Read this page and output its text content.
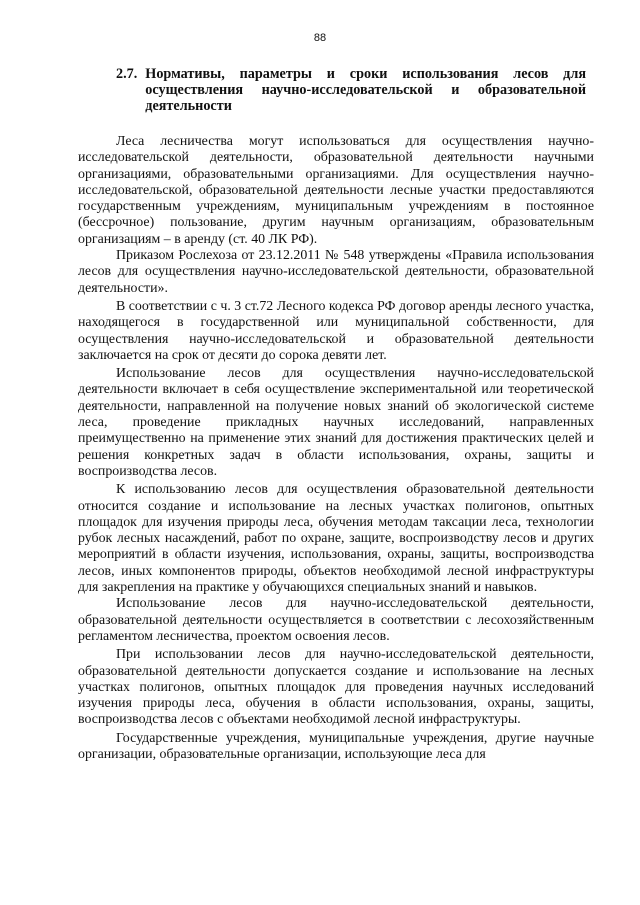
88
2.7. Нормативы, параметры и сроки использования лесов для осуществления научно-исследовательской и образовательной деятельности

Леса лесничества могут использоваться для осуществления научно-исследовательской деятельности, образовательной деятельности научными организациями, образовательными организациями. Для осуществления научно-исследовательской, образовательной деятельности лесные участки предоставляются государственным учреждениям, муниципальным учреждениям в постоянное (бессрочное) пользование, другим научным организациям, образовательным организациям – в аренду (ст. 40 ЛК РФ).

Приказом Рослехоза от 23.12.2011 № 548 утверждены «Правила использования лесов для осуществления научно-исследовательской деятельности, образовательной деятельности».

В соответствии с ч. 3 ст.72 Лесного кодекса РФ договор аренды лесного участка, находящегося в государственной или муниципальной собственности, для осуществления научно-исследовательской и образовательной деятельности заключается на срок от десяти до сорока девяти лет.

Использование лесов для осуществления научно-исследовательской деятельности включает в себя осуществление экспериментальной или теоретической деятельности, направленной на получение новых знаний об экологической системе леса, проведение прикладных научных исследований, направленных преимущественно на применение этих знаний для достижения практических целей и решения конкретных задач в области использования, охраны, защиты и воспроизводства лесов.

К использованию лесов для осуществления образовательной деятельности относится создание и использование на лесных участках полигонов, опытных площадок для изучения природы леса, обучения методам таксации леса, технологии рубок лесных насаждений, работ по охране, защите, воспроизводству лесов и других мероприятий в области изучения, использования, охраны, защиты, воспроизводства лесов, иных компонентов природы, объектов необходимой лесной инфраструктуры для закрепления на практике у обучающихся специальных знаний и навыков.

Использование лесов для научно-исследовательской деятельности, образовательной деятельности осуществляется в соответствии с лесохозяйственным регламентом лесничества, проектом освоения лесов.

При использовании лесов для научно-исследовательской деятельности, образовательной деятельности допускается создание и использование на лесных участках полигонов, опытных площадок для проведения научных исследований изучения природы леса, обучения в области использования, охраны, защиты, воспроизводства лесов с объектами необходимой лесной инфраструктуры.

Государственные учреждения, муниципальные учреждения, другие научные организации, образовательные организации, использующие леса для
